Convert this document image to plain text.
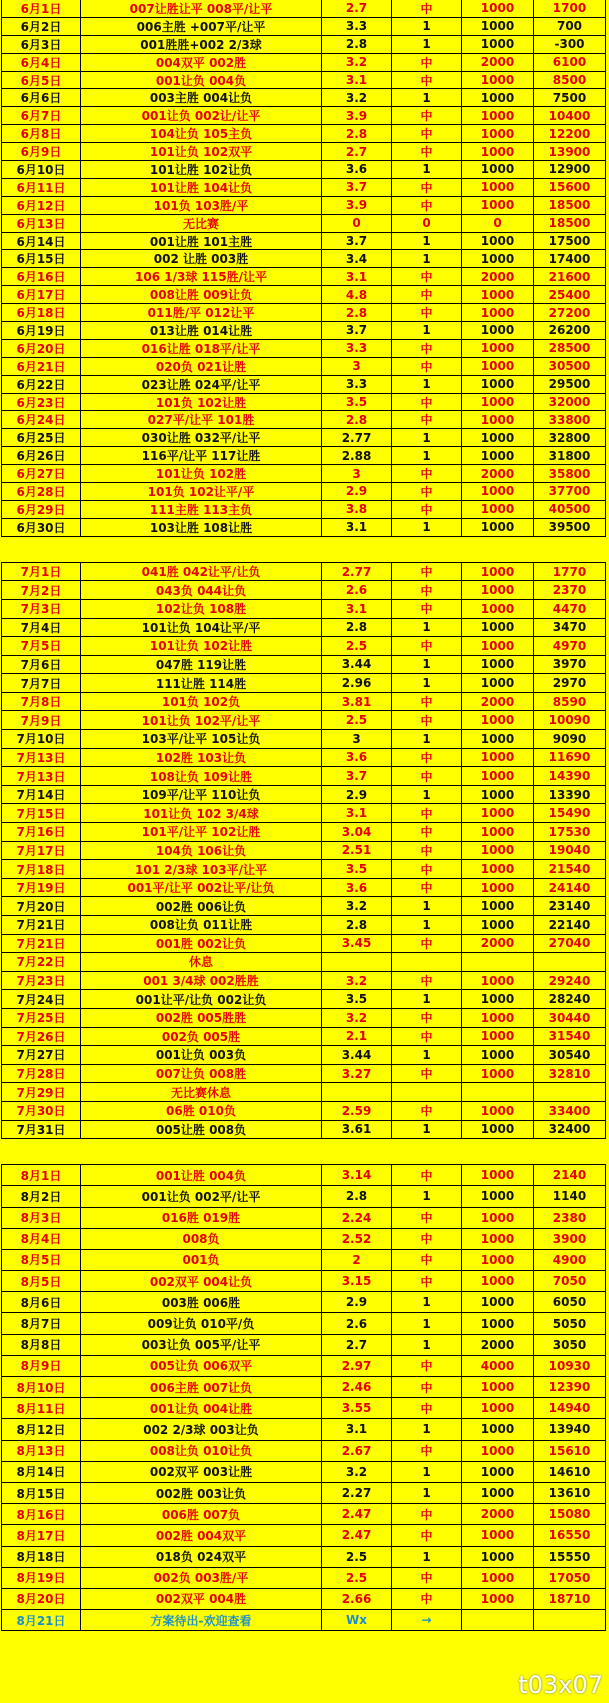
6月1日	007让胜让平 008平/让平	2.7	中	1000	1700
6月2日	006主胜 +007平/让平	3.3	1	1000	700
6月3日	001胜胜+002 2/3球	2.8	1	1000	-300
6月4日	004双平 002胜	3.2	中	2000	6100
6月5日	001让负 004负	3.1	中	1000	8500
6月6日	003主胜 004让负	3.2	1	1000	7500
6月7日	001让负 002让/让平	3.9	中	1000	10400
6月8日	104让负 105主负	2.8	中	1000	12200
6月9日	101让负 102双平	2.7	中	1000	13900
6月10日	101让胜 102让负	3.6	1	1000	12900
6月11日	101让胜 104让负	3.7	中	1000	15600
6月12日	101负 103胜/平	3.9	中	1000	18500
6月13日	无比赛	0	0	0	18500
6月14日	001让胜 101主胜	3.7	1	1000	17500
6月15日	002 让胜 003胜	3.4	1	1000	17400
6月16日	106 1/3球 115胜/让平	3.1	中	2000	21600
6月17日	008让胜 009让负	4.8	中	1000	25400
6月18日	011胜/平 012让平	2.8	中	1000	27200
6月19日	013让胜 014让胜	3.7	1	1000	26200
6月20日	016让胜 018平/让平	3.3	中	1000	28500
6月21日	020负 021让胜	3	中	1000	30500
6月22日	023让胜 024平/让平	3.3	1	1000	29500
6月23日	101负 102让胜	3.5	中	1000	32000
6月24日	027平/让平 101胜	2.8	中	1000	33800
6月25日	030让胜 032平/让平	2.77	1	1000	32800
6月26日	116平/让平 117让胜	2.88	1	1000	31800
6月27日	101让负 102胜	3	中	2000	35800
6月28日	101负 102让平/平	2.9	中	1000	37700
6月29日	111主胜 113主负	3.8	中	1000	40500
6月30日	103让胜 108让胜	3.1	1	1000	39500
7月1日	041胜 042让平/让负	2.77	中	1000	1770
7月2日	043负 044让负	2.6	中	1000	2370
7月3日	102让负 108胜	3.1	中	1000	4470
7月4日	101让负 104让平/平	2.8	1	1000	3470
7月5日	101让负 102让胜	2.5	中	1000	4970
7月6日	047胜 119让胜	3.44	1	1000	3970
7月7日	111让胜 114胜	2.96	1	1000	2970
7月8日	101负 102负	3.81	中	2000	8590
7月9日	101让负 102平/让平	2.5	中	1000	10090
7月10日	103平/让平 105让负	3	1	1000	9090
7月13日	102胜 103让负	3.6	中	1000	11690
7月13日	108让负 109让胜	3.7	中	1000	14390
7月14日	109平/让平 110让负	2.9	1	1000	13390
7月15日	101让负 102 3/4球	3.1	中	1000	15490
7月16日	101平/让平 102让胜	3.04	中	1000	17530
7月17日	104负 106让负	2.51	中	1000	19040
7月18日	101 2/3球 103平/让平	3.5	中	1000	21540
7月19日	001平/让平 002让平/让负	3.6	中	1000	24140
7月20日	002胜 006让负	3.2	1	1000	23140
7月21日	008让负 011让胜	2.8	1	1000	22140
7月21日	001胜 002让负	3.45	中	2000	27040
7月22日	休息
7月23日	001 3/4球 002胜胜	3.2	中	1000	29240
7月24日	001让平/让负 002让负	3.5	1	1000	28240
7月25日	002胜 005胜胜	3.2	中	1000	30440
7月26日	002负 005胜	2.1	中	1000	31540
7月27日	001让负 003负	3.44	1	1000	30540
7月28日	007让负 008胜	3.27	中	1000	32810
7月29日	无比赛休息
7月30日	06胜 010负	2.59	中	1000	33400
7月31日	005让胜 008负	3.61	1	1000	32400
8月1日	001让胜 004负	3.14	中	1000	2140
8月2日	001让负 002平/让平	2.8	1	1000	1140
8月3日	016胜 019胜	2.24	中	1000	2380
8月4日	008负	2.52	中	1000	3900
8月5日	001负	2	中	1000	4900
8月5日	002双平 004让负	3.15	中	1000	7050
8月6日	003胜 006胜	2.9	1	1000	6050
8月7日	009让负 010平/负	2.6	1	1000	5050
8月8日	003让负 005平/让平	2.7	1	2000	3050
8月9日	005让负 006双平	2.97	中	4000	10930
8月10日	006主胜 007让负	2.46	中	1000	12390
8月11日	001让负 004让胜	3.55	中	1000	14940
8月12日	002 2/3球 003让负	3.1	1	1000	13940
8月13日	008让负 010让负	2.67	中	1000	15610
8月14日	002双平 003让胜	3.2	1	1000	14610
8月15日	002胜 003让负	2.27	1	1000	13610
8月16日	006胜 007负	2.47	中	2000	15080
8月17日	002胜 004双平	2.47	中	1000	16550
8月18日	018负 024双平	2.5	1	1000	15550
8月19日	002负 003胜/平	2.5	中	1000	17050
8月20日	002双平 004胜	2.66	中	1000	18710
8月21日	方案待出-欢迎查看	Wx	→
t03x07
